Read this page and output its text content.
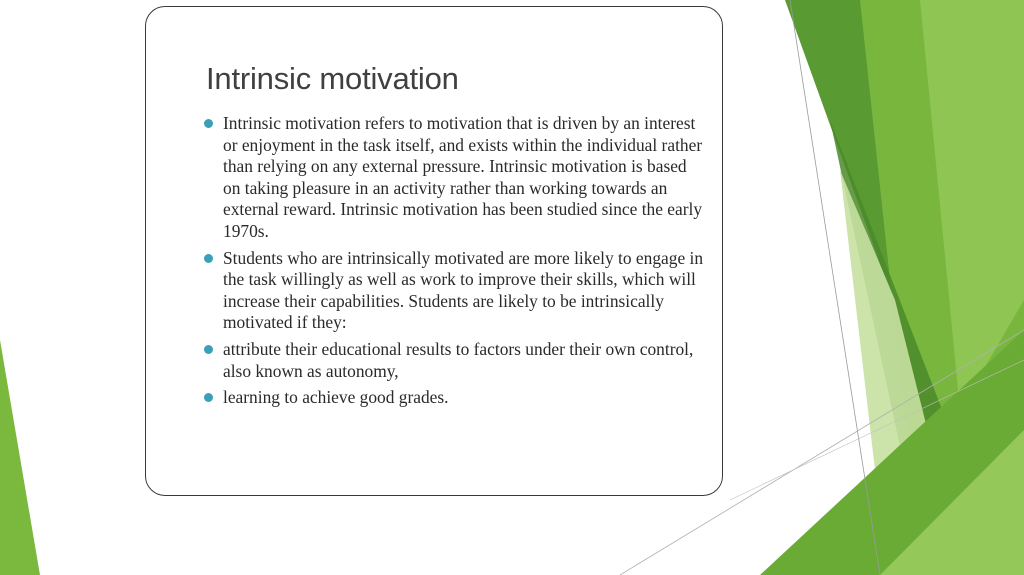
Intrinsic motivation
Intrinsic motivation refers to motivation that is driven by an interest or enjoyment in the task itself, and exists within the individual rather than relying on any external pressure. Intrinsic motivation is based on taking pleasure in an activity rather than working towards an external reward. Intrinsic motivation has been studied since the early 1970s.
Students who are intrinsically motivated are more likely to engage in the task willingly as well as work to improve their skills, which will increase their capabilities. Students are likely to be intrinsically motivated if they:
attribute their educational results to factors under their own control, also known as autonomy,
learning to achieve good grades.
